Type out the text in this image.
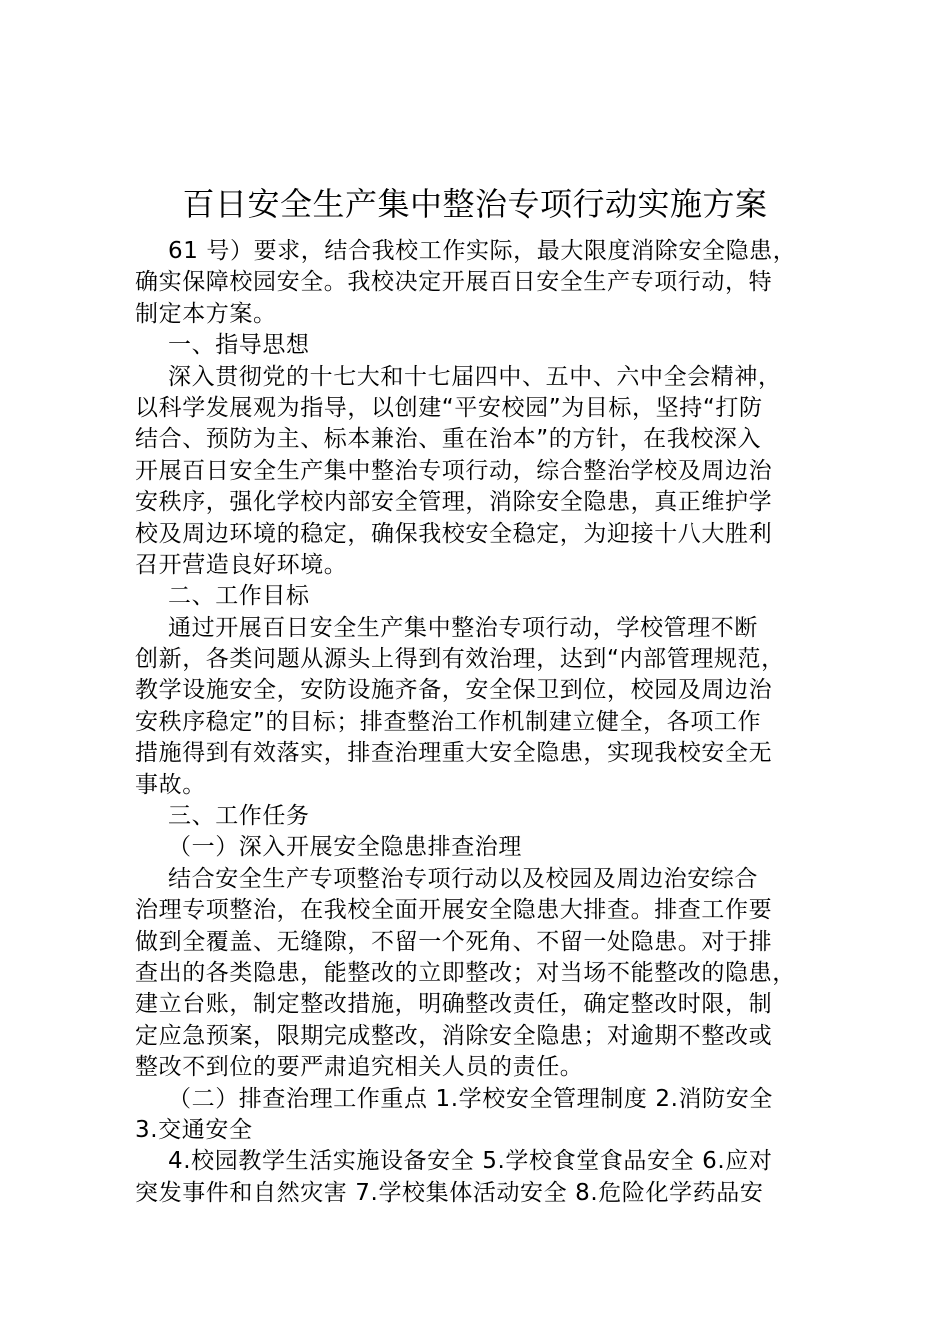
百日安全生产集中整治专项行动实施方案
61 号）要求，结合我校工作实际，最大限度消除安全隐患，
确实保障校园安全。我校决定开展百日安全生产专项行动，特
制定本方案。
一、指导思想
深入贯彻党的十七大和十七届四中、五中、六中全会精神，
以科学发展观为指导，以创建“平安校园”为目标，坚持“打防
结合、预防为主、标本兼治、重在治本”的方针，在我校深入
开展百日安全生产集中整治专项行动，综合整治学校及周边治
安秩序，强化学校内部安全管理，消除安全隐患，真正维护学
校及周边环境的稳定，确保我校安全稳定，为迎接十八大胜利
召开营造良好环境。
二、工作目标
通过开展百日安全生产集中整治专项行动，学校管理不断
创新，各类问题从源头上得到有效治理，达到“内部管理规范，
教学设施安全，安防设施齐备，安全保卫到位，校园及周边治
安秩序稳定”的目标；排查整治工作机制建立健全，各项工作
措施得到有效落实，排查治理重大安全隐患，实现我校安全无
事故。
三、工作任务
（一）深入开展安全隐患排查治理
结合安全生产专项整治专项行动以及校园及周边治安综合
治理专项整治，在我校全面开展安全隐患大排查。排查工作要
做到全覆盖、无缝隙，不留一个死角、不留一处隐患。对于排
查出的各类隐患，能整改的立即整改；对当场不能整改的隐患，
建立台账，制定整改措施，明确整改责任，确定整改时限，制
定应急预案，限期完成整改，消除安全隐患；对逾期不整改或
整改不到位的要严肃追究相关人员的责任。
（二）排查治理工作重点 1.学校安全管理制度 2.消防安全
3.交通安全
4.校园教学生活实施设备安全 5.学校食堂食品安全 6.应对
突发事件和自然灾害 7.学校集体活动安全 8.危险化学药品安
